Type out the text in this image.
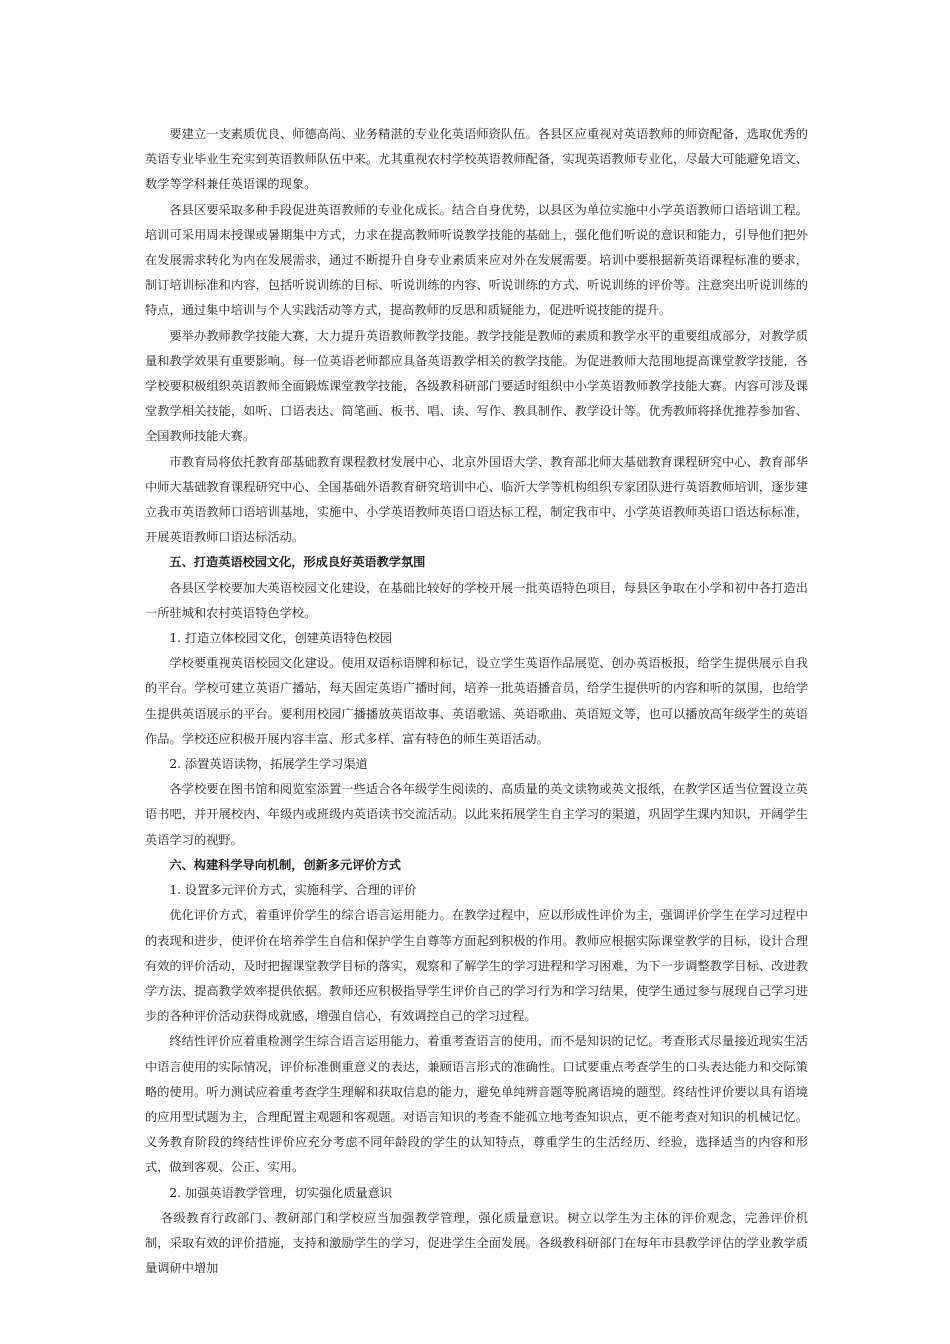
要建立一支素质优良、师德高尚、业务精湛的专业化英语师资队伍。各县区应重视对英语教师的师资配备，选取优秀的英语专业毕业生充实到英语教师队伍中来。尤其重视农村学校英语教师配备，实现英语教师专业化，尽最大可能避免语文、数学等学科兼任英语课的现象。

各县区要采取多种手段促进英语教师的专业化成长。结合自身优势，以县区为单位实施中小学英语教师口语培训工程。培训可采用周末授课或暑期集中方式，力求在提高教师听说教学技能的基础上，强化他们听说的意识和能力，引导他们把外在发展需求转化为内在发展需求，通过不断提升自身专业素质来应对外在发展需要。培训中要根据新英语课程标准的要求，制订培训标准和内容，包括听说训练的目标、听说训练的内容、听说训练的方式、听说训练的评价等。注意突出听说训练的特点，通过集中培训与个人实践活动等方式，提高教师的反思和质疑能力，促进听说技能的提升。

要举办教师教学技能大赛，大力提升英语教师教学技能。教学技能是教师的素质和教学水平的重要组成部分，对教学质量和教学效果有重要影响。每一位英语老师都应具备英语教学相关的教学技能。为促进教师大范围地提高课堂教学技能，各学校要积极组织英语教师全面锻炼课堂教学技能，各级教科研部门要适时组织中小学英语教师教学技能大赛。内容可涉及课堂教学相关技能，如听、口语表达、简笔画、板书、唱、读、写作、教具制作、教学设计等。优秀教师将择优推荐参加省、全国教师技能大赛。

市教育局将依托教育部基础教育课程教材发展中心、北京外国语大学、教育部北师大基础教育课程研究中心、教育部华中师大基础教育课程研究中心、全国基础外语教育研究培训中心、临沂大学等机构组织专家团队进行英语教师培训，逐步建立我市英语教师口语培训基地，实施中、小学英语教师英语口语达标工程，制定我市中、小学英语教师英语口语达标标准，开展英语教师口语达标活动。

五、打造英语校园文化，形成良好英语教学氛围

各县区学校要加大英语校园文化建设，在基础比较好的学校开展一批英语特色项目，每县区争取在小学和初中各打造出一所驻城和农村英语特色学校。

1. 打造立体校园文化，创建英语特色校园

学校要重视英语校园文化建设。使用双语标语牌和标记，设立学生英语作品展览、创办英语板报，给学生提供展示自我的平台。学校可建立英语广播站，每天固定英语广播时间，培养一批英语播音员，给学生提供听的内容和听的氛围，也给学生提供英语展示的平台。要利用校园广播播放英语故事、英语歌谣、英语歌曲、英语短文等，也可以播放高年级学生的英语作品。学校还应积极开展内容丰富、形式多样、富有特色的师生英语活动。

2. 添置英语读物，拓展学生学习渠道

各学校要在图书馆和阅览室添置一些适合各年级学生阅读的、高质量的英文读物或英文报纸，在教学区适当位置设立英语书吧，并开展校内、年级内或班级内英语读书交流活动。以此来拓展学生自主学习的渠道，巩固学生课内知识，开阔学生英语学习的视野。

六、构建科学导向机制，创新多元评价方式

1. 设置多元评价方式，实施科学、合理的评价

优化评价方式，着重评价学生的综合语言运用能力。在教学过程中，应以形成性评价为主，强调评价学生在学习过程中的表现和进步，使评价在培养学生自信和保护学生自尊等方面起到积极的作用。教师应根据实际课堂教学的目标，设计合理有效的评价活动，及时把握课堂教学目标的落实，观察和了解学生的学习进程和学习困难，为下一步调整教学目标、改进教学方法、提高教学效率提供依据。教师还应积极指导学生评价自己的学习行为和学习结果，使学生通过参与展现自己学习进步的各种评价活动获得成就感，增强自信心，有效调控自己的学习过程。

终结性评价应着重检测学生综合语言运用能力，着重考查语言的使用，而不是知识的记忆。考查形式尽量接近现实生活中语言使用的实际情况，评价标准侧重意义的表达，兼顾语言形式的准确性。口试要重点考查学生的口头表达能力和交际策略的使用。听力测试应着重考查学生理解和获取信息的能力，避免单纯辨音题等脱离语境的题型。终结性评价要以具有语境的应用型试题为主，合理配置主观题和客观题。对语言知识的考查不能孤立地考查知识点，更不能考查对知识的机械记忆。义务教育阶段的终结性评价应充分考虑不同年龄段的学生的认知特点，尊重学生的生活经历、经验，选择适当的内容和形式，做到客观、公正、实用。

2. 加强英语教学管理，切实强化质量意识

各级教育行政部门、教研部门和学校应当加强教学管理，强化质量意识。树立以学生为主体的评价观念，完善评价机制，采取有效的评价措施，支持和激励学生的学习，促进学生全面发展。各级教科研部门在每年市县教学评估的学业教学质量调研中增加
